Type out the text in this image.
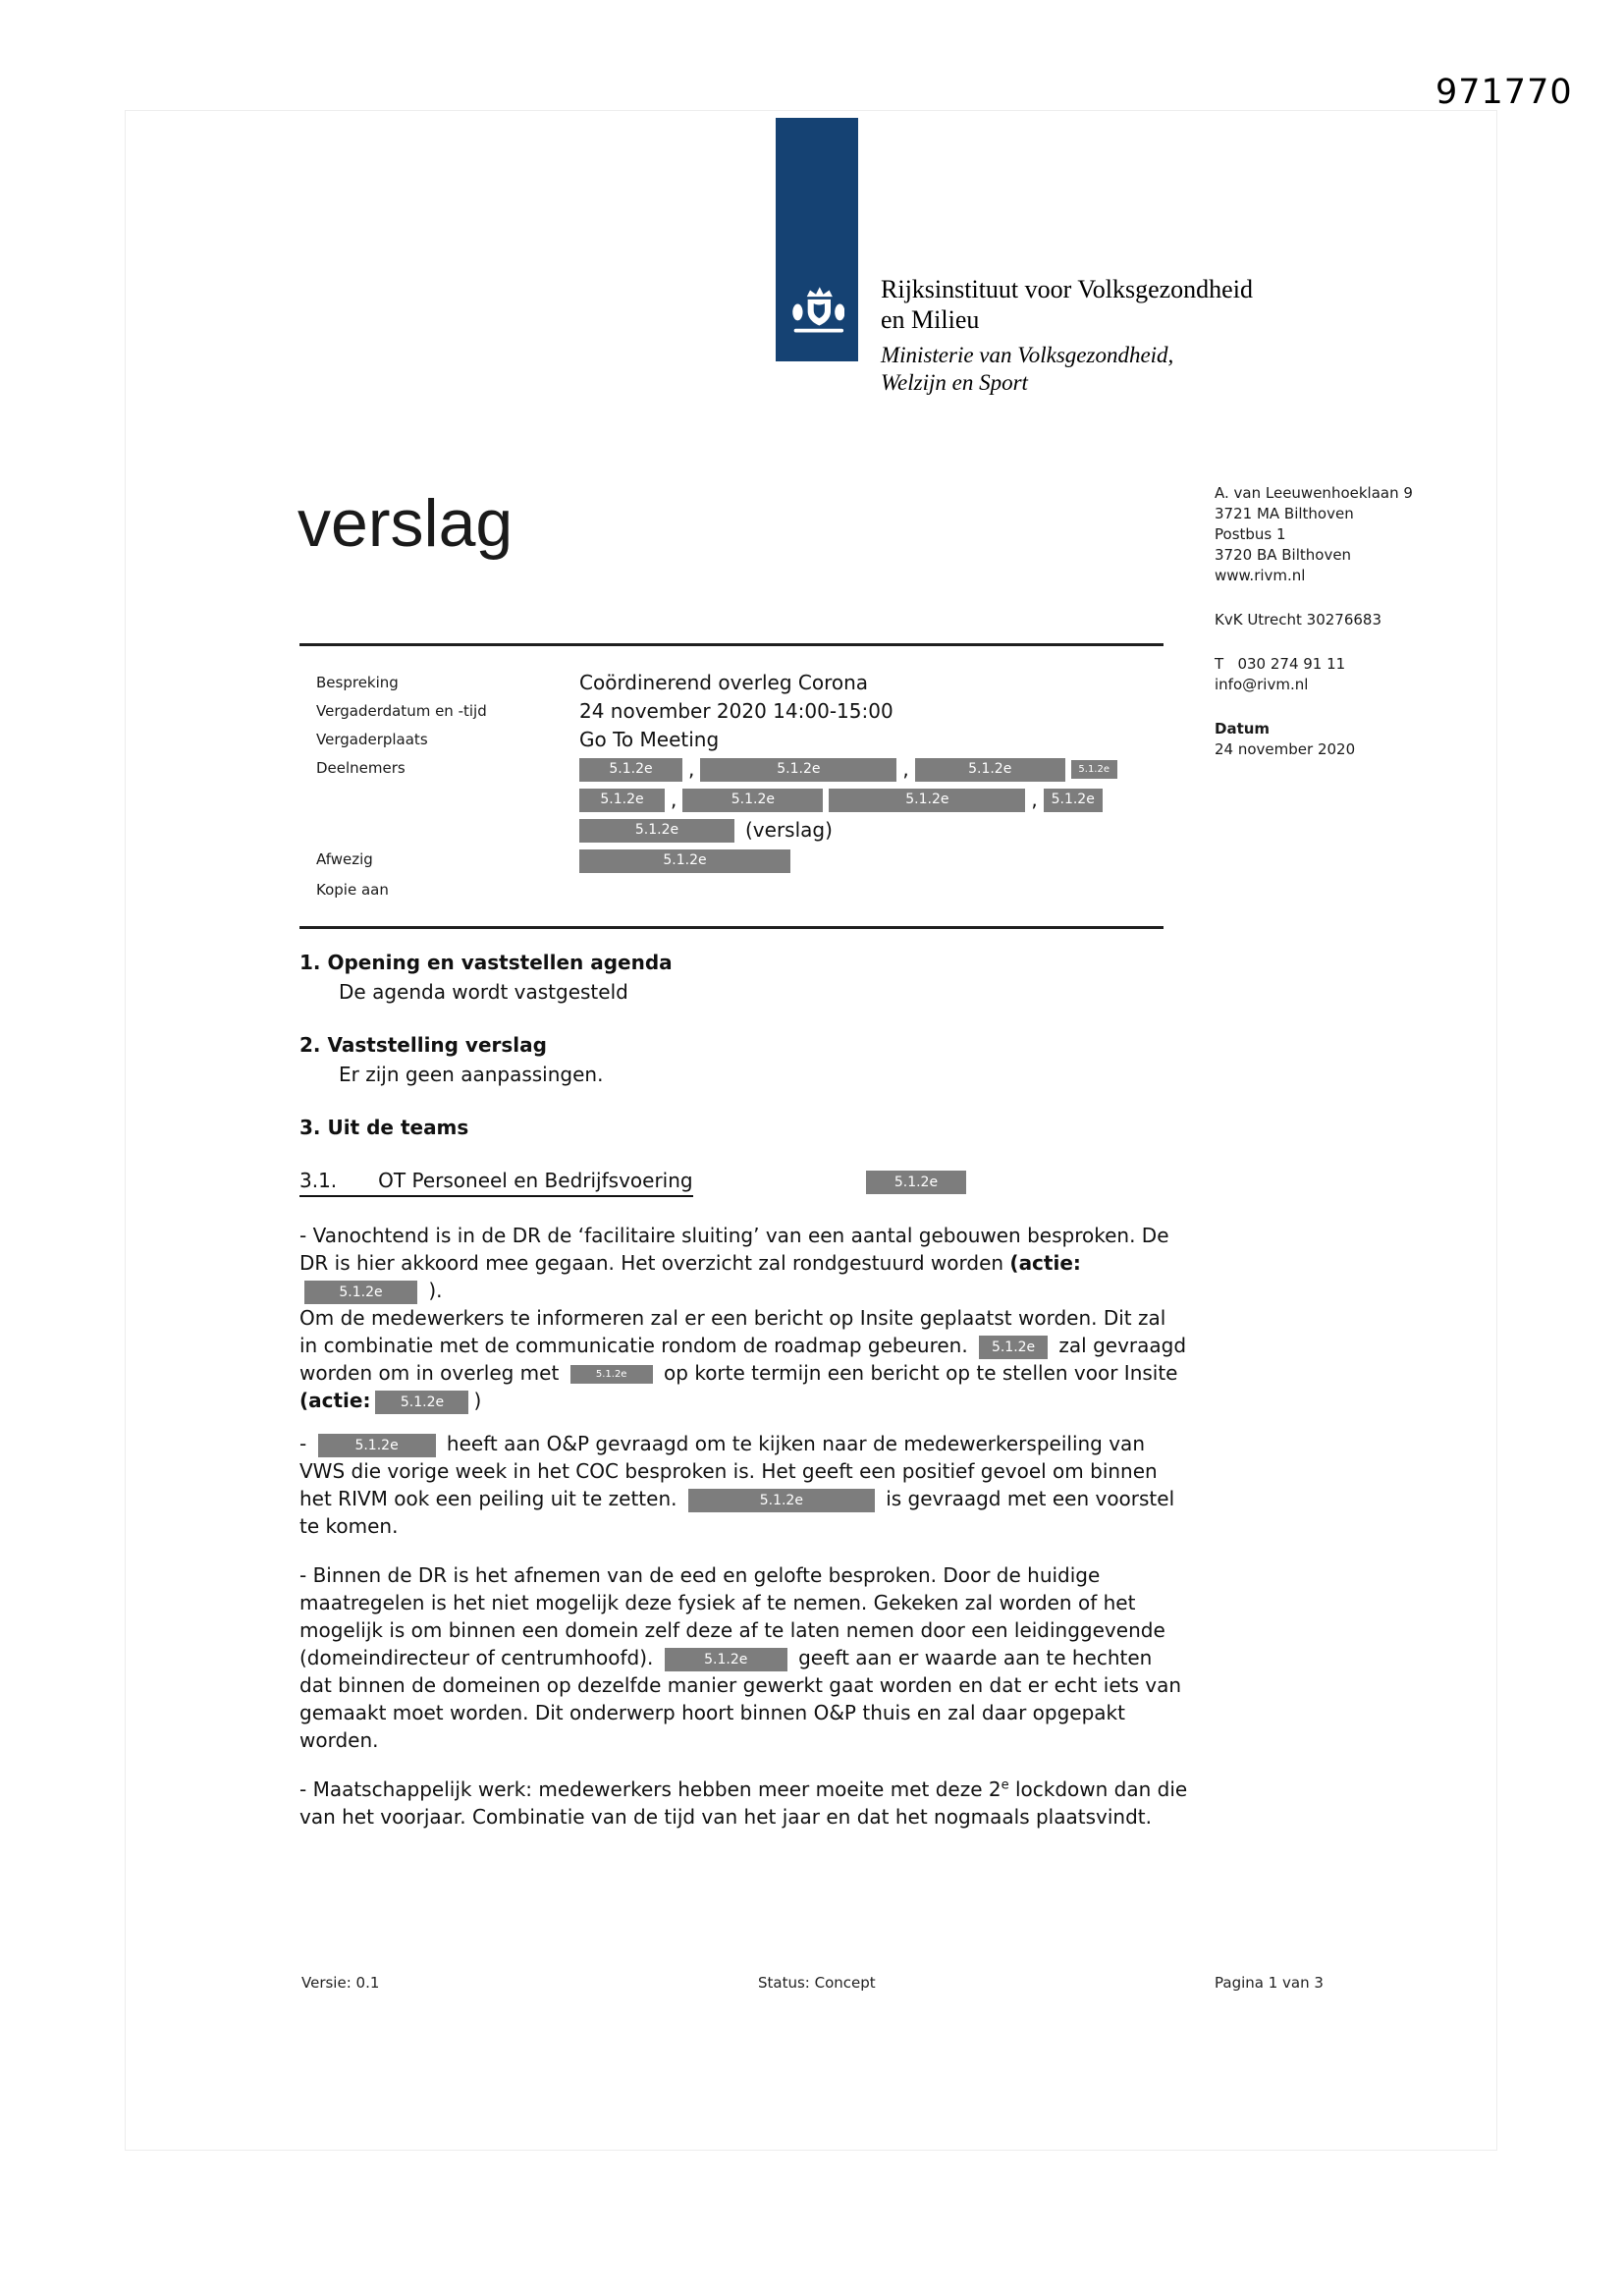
971770
Rijksinstituut voor Volksgezondheid
en Milieu
Ministerie van Volksgezondheid,
Welzijn en Sport
verslag	A. van Leeuwenhoeklaan 9
3721 MA Bilthoven
Postbus 1
3720 BA Bilthoven
www.rivm.nl
KvK Utrecht 30276683
T   030 274 91 11
info@rivm.nl
Datum
24 november 2020
Bespreking	Coördinerend overleg Corona
Vergaderdatum en -tijd	24 november 2020 14:00-15:00
Vergaderplaats	Go To Meeting
Deelnemers	5.1.2e	,	5.1.2e	,	5.1.2e	5.1.2e
5.1.2e	,	5.1.2e	5.1.2e	, 5.1.2e
5.1.2e	(verslag)
Afwezig	5.1.2e
Kopie aan
1. Opening en vaststellen agenda
De agenda wordt vastgesteld
2. Vaststelling verslag
Er zijn geen aanpassingen.
3. Uit de teams
3.1. OT Personeel en Bedrijfsvoering	5.1.2e

- Vanochtend is in de DR de ‘facilitaire sluiting’ van een aantal gebouwen besproken. De DR is hier akkoord mee gegaan. Het overzicht zal rondgestuurd worden (actie:5.1.2e ).

Om de medewerkers te informeren zal er een bericht op Insite geplaatst worden. Dit zal in combinatie met de communicatie rondom de roadmap gebeuren. 5.1.2e zal gevraagd worden om in overleg met	5.1.2e op korte termijn een bericht op te stellen voor Insite (actie: 5.1.2e )

-	5.1.2e heeft aan O&P gevraagd om te kijken naar de medewerkerspeiling van VWS die vorige week in het COC besproken is. Het geeft een positief gevoel om binnen het RIVM ook een peiling uit te zetten.	5.1.2e	is gevraagd met een voorstel te komen.

- Binnen de DR is het afnemen van de eed en gelofte besproken. Door de huidige maatregelen is het niet mogelijk deze fysiek af te nemen. Gekeken zal worden of het mogelijk is om binnen een domein zelf deze af te laten nemen door een leidinggevende (domeindirecteur of centrumhoofd).	5.1.2e geeft aan er waarde aan te hechten dat binnen de domeinen op dezelfde manier gewerkt gaat worden en dat er echt iets van gemaakt moet worden. Dit onderwerp hoort binnen O&P thuis en zal daar opgepakt worden.

- Maatschappelijk werk: medewerkers hebben meer moeite met deze 2e lockdown dan die van het voorjaar. Combinatie van de tijd van het jaar en dat het nogmaals plaatsvindt.

Versie: 0.1	Status: Concept	Pagina 1 van 3
